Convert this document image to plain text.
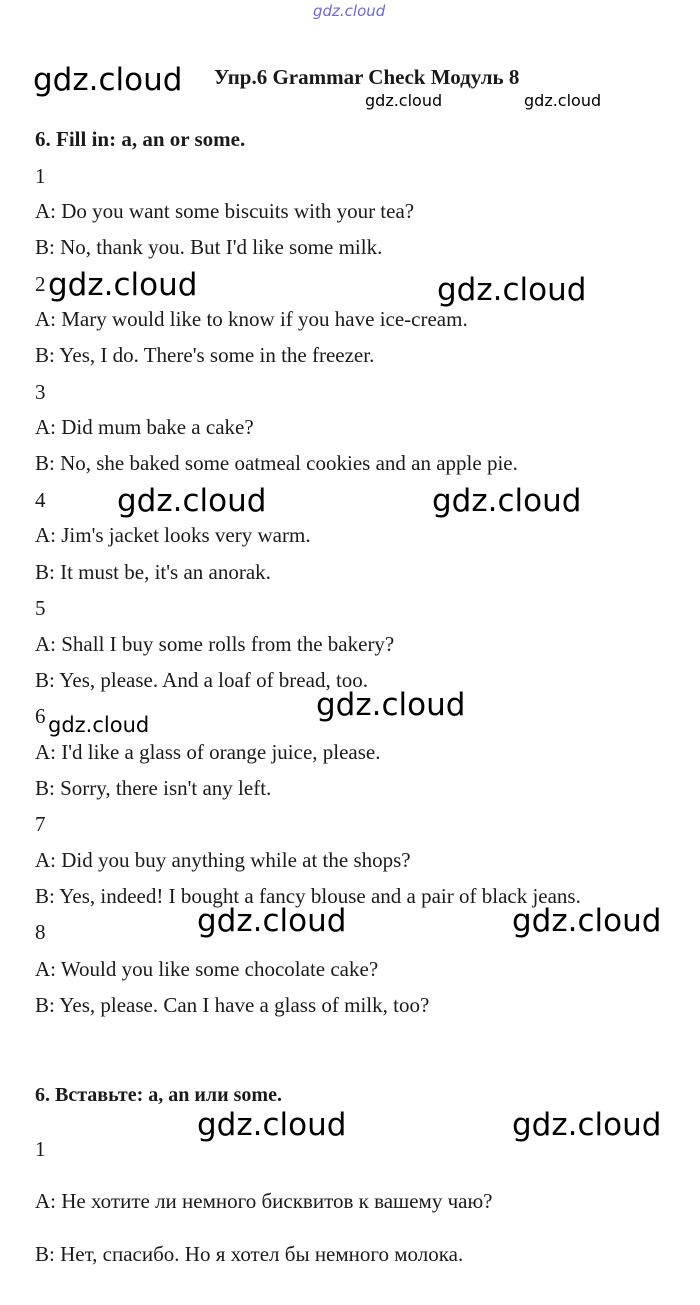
gdz.cloud
gdz.cloud
gdz.cloud	gdz.cloud
gdz.cloud	gdz.cloud
gdz.cloud	gdz.cloud
gdz.cloud
gdz.cloud
gdz.cloud	gdz.cloud
gdz.cloud	gdz.cloud
Упр.6 Grammar Check Модуль 8
6. Fill in: a, an or some.
1
A: Do you want some biscuits with your tea?
B: No, thank you. But I'd like some milk.
2
A: Mary would like to know if you have ice-cream.
B: Yes, I do. There's some in the freezer.
3
A: Did mum bake a cake?
B: No, she baked some oatmeal cookies and an apple pie.
4
A: Jim's jacket looks very warm.
B: It must be, it's an anorak.
5
A: Shall I buy some rolls from the bakery?
B: Yes, please. And a loaf of bread, too.
6
A: I'd like a glass of orange juice, please.
B: Sorry, there isn't any left.
7
A: Did you buy anything while at the shops?
B: Yes, indeed! I bought a fancy blouse and a pair of black jeans.
8
A: Would you like some chocolate cake?
B: Yes, please. Can I have a glass of milk, too?
6. Вставьте: a, an или some.
1
А: Не хотите ли немного бисквитов к вашему чаю?
В: Нет, спасибо. Но я хотел бы немного молока.
